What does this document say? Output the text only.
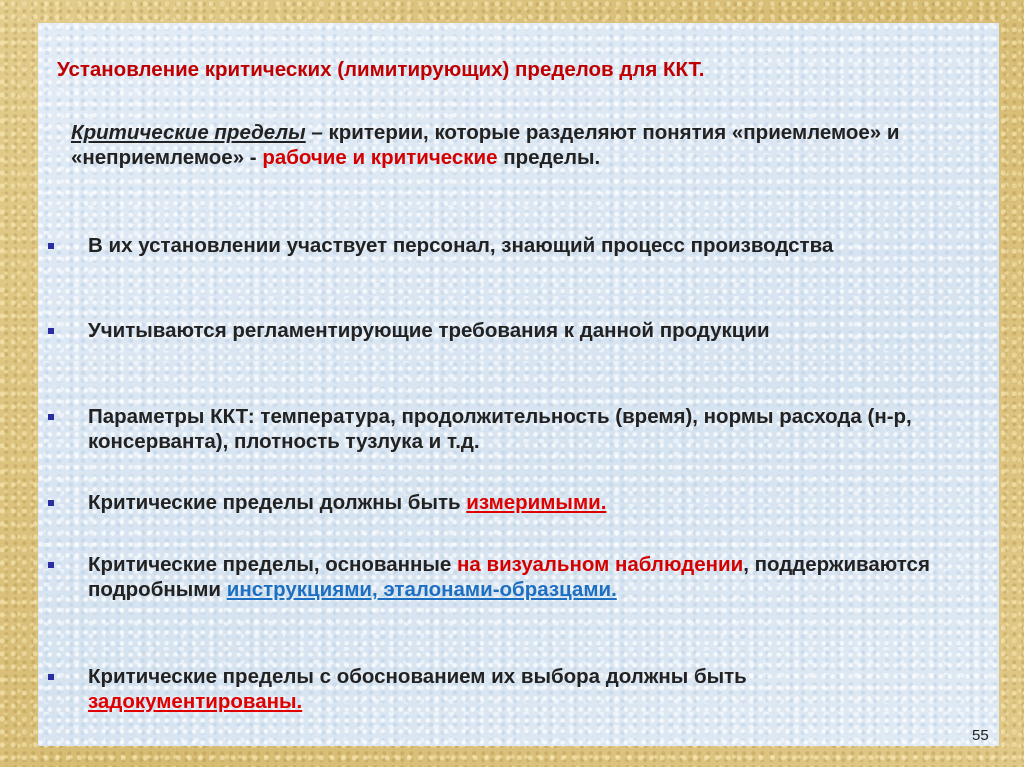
Установление критических (лимитирующих) пределов для ККТ.
Критические пределы – критерии, которые разделяют понятия «приемлемое» и «неприемлемое» - рабочие и критические пределы.
В их установлении участвует персонал, знающий процесс производства
Учитываются регламентирующие требования к данной продукции
Параметры ККТ: температура, продолжительность (время), нормы расхода (н-р, консерванта), плотность тузлука и т.д.
Критические пределы должны быть измеримыми.
Критические пределы, основанные на визуальном наблюдении, поддерживаются подробными инструкциями, эталонами-образцами.
Критические пределы с обоснованием их выбора должны быть задокументированы.
55
